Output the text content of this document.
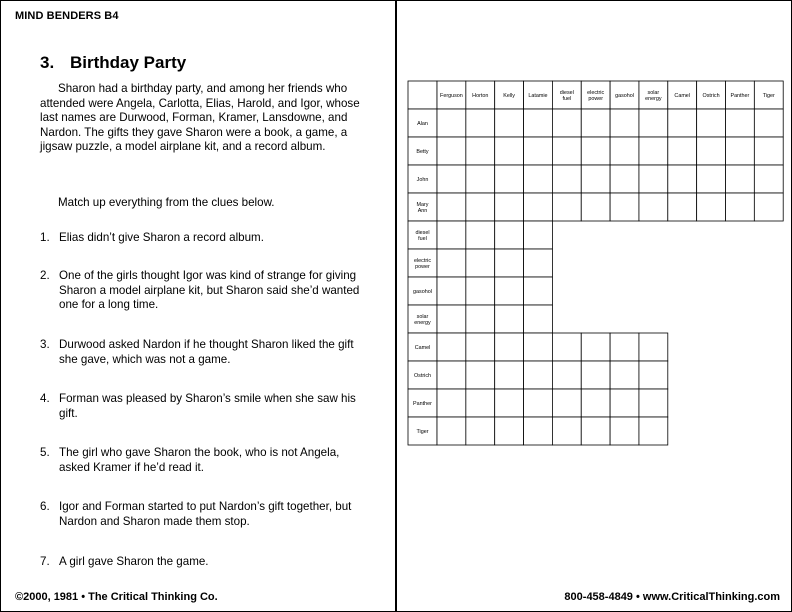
MIND BENDERS B4
3. Birthday Party

Sharon had a birthday party, and among her friends who attended were Angela, Carlotta, Elias, Harold, and Igor, whose last names are Durwood, Forman, Kramer, Lansdowne, and Nardon. The gifts they gave Sharon were a book, a game, a jigsaw puzzle, a model airplane kit, and a record album.

Match up everything from the clues below.

1. Elias didn’t give Sharon a record album.

2. One of the girls thought Igor was kind of strange for giving Sharon a model airplane kit, but Sharon said she’d wanted one for a long time.

3. Durwood asked Nardon if he thought Sharon liked the gift she gave, which was not a game.

4. Forman was pleased by Sharon’s smile when she saw his gift.

5. The girl who gave Sharon the book, who is not Angela, asked Kramer if he’d read it.

6. Igor and Forman started to put Nardon’s gift together, but Nardon and Sharon made them stop.

7. A girl gave Sharon the game.

©2000, 1981 • The Critical Thinking Co.	800-458-4849 • www.CriticalThinking.com
Ferguson Horton	Kelly Latamie
diesel fuel
electric power
gasohol
solar energy
Camel Ostrich Panther Tiger
Alan
Betty
John
Mary Ann
diesel fuel
electric power
gasohol
solar energy
Camel
Ostrich
Panther
Tiger
